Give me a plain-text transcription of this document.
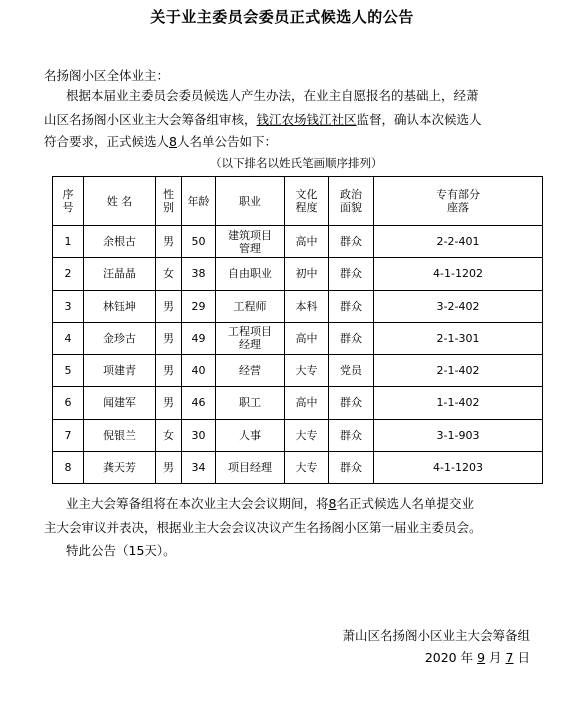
关于业主委员会委员正式候选人的公告
名扬阁小区全体业主：
根据本届业主委员会委员候选人产生办法，在业主自愿报名的基础上，经萧
山区名扬阁小区业主大会筹备组审核，钱江农场钱江社区监督，确认本次候选人
符合要求，正式候选人8人名单公告如下：
（以下排名以姓氏笔画顺序排列）
序号	姓 名	性别	年龄	职业	文化程度	政治面貌	专有部分座落
1	余根古	男	50	建筑项目管理	高中	群众	2-2-401
2	汪晶晶	女	38	自由职业	初中	群众	4-1-1202
3	林钰坤	男	29	工程师	本科	群众	3-2-402
4	金珍古	男	49	工程项目经理	高中	群众	2-1-301
5	项建青	男	40	经营	大专	党员	2-1-402
6	闻建军	男	46	职工	高中	群众	1-1-402
7	倪银兰	女	30	人事	大专	群众	3-1-903
8	龚天芳	男	34	项目经理	大专	群众	4-1-1203
业主大会筹备组将在本次业主大会会议期间，将8名正式候选人名单提交业
主大会审议并表决，根据业主大会会议决议产生名扬阁小区第一届业主委员会。
特此公告（15天）。
萧山区名扬阁小区业主大会筹备组
2020 年 9 月 7 日
